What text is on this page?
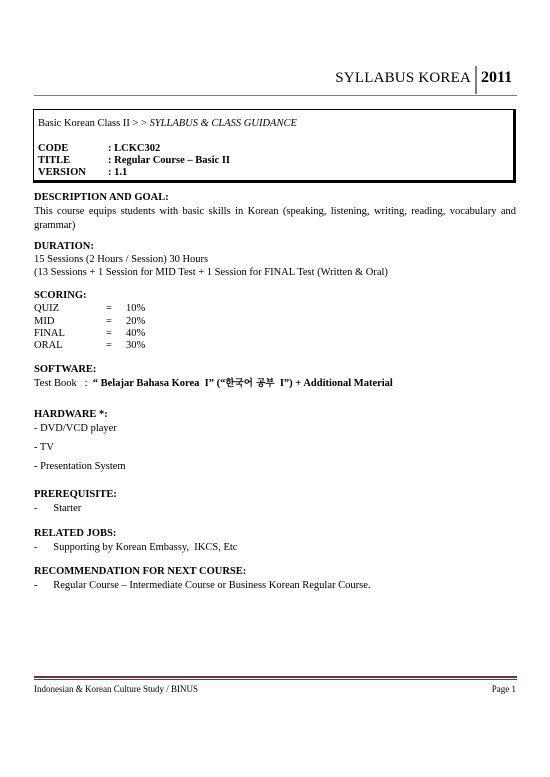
SYLLABUS KOREA 2011
Basic Korean Class II > > SYLLABUS & CLASS GUIDANCE
CODE	: LCKC302
TITLE	: Regular Course – Basic II
VERSION : 1.1
DESCRIPTION AND GOAL:
This course equips students with basic skills in Korean (speaking, listening, writing, reading, vocabulary and grammar)
DURATION:
15 Sessions (2 Hours / Session) 30 Hours
(13 Sessions + 1 Session for MID Test + 1 Session for FINAL Test (Written & Oral)
SCORING:
QUIZ	= 10%
MID	= 20%
FINAL	= 40%
ORAL	= 30%
SOFTWARE:
Test Book   :  “ Belajar Bahasa Korea  I” (“한국어 공부  I”) + Additional Material
HARDWARE *:
- DVD/VCD player
- TV
- Presentation System
PREREQUISITE:
-      Starter
RELATED JOBS:
-      Supporting by Korean Embassy,  IKCS, Etc
RECOMMENDATION FOR NEXT COURSE:
-      Regular Course – Intermediate Course or Business Korean Regular Course.
Indonesian & Korean Culture Study / BINUS	Page 1
